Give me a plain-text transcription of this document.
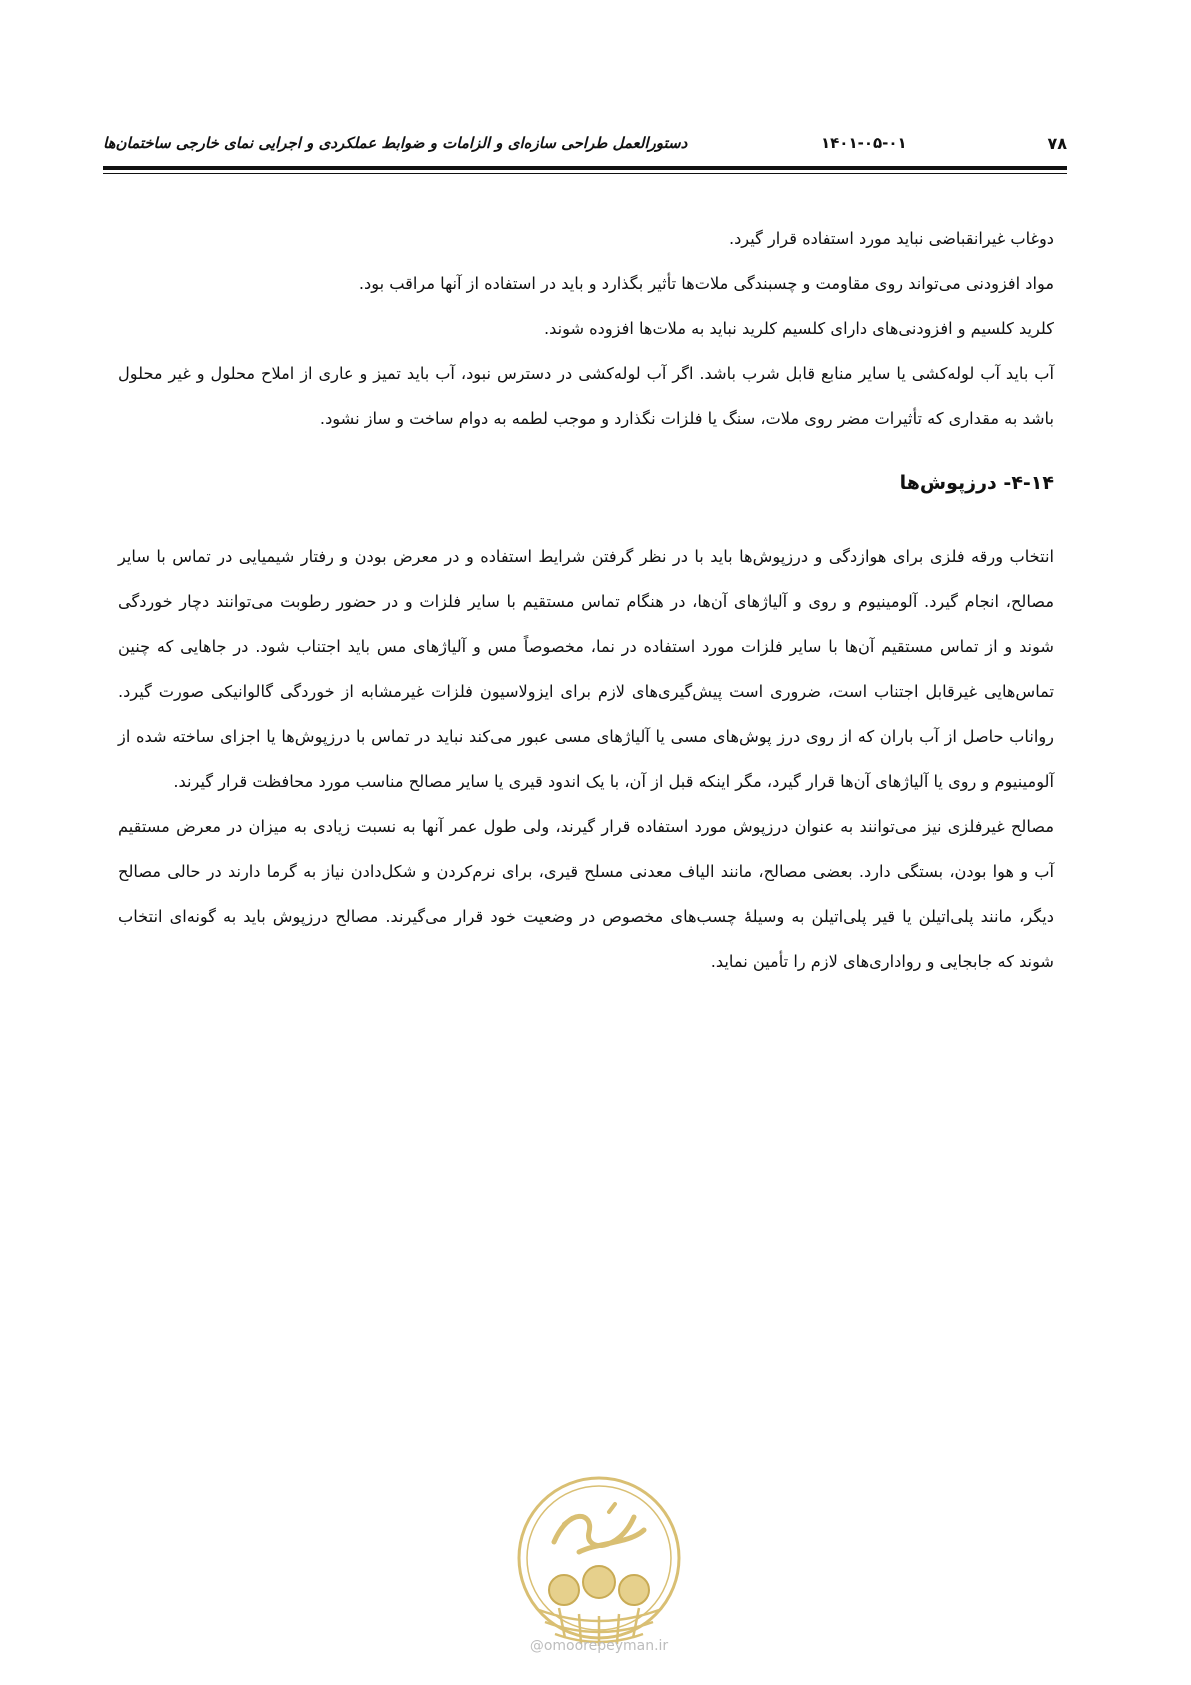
۷۸
۱۴۰۱-۰۵-۰۱
دستورالعمل طراحی سازه‌ای و الزامات و ضوابط عملکردی و اجرایی نمای خارجی ساختمان‌ها

دوغاب غیرانقباضی نباید مورد استفاده قرار گیرد.

مواد افزودنی می‌تواند روی مقاومت و چسبندگی ملات‌ها تأثیر بگذارد و باید در استفاده از آنها مراقب بود.

کلرید کلسیم و افزودنی‌های دارای کلسیم کلرید نباید به ملات‌ها افزوده شوند.

آب باید آب لوله‌کشی یا سایر منابع قابل شرب باشد. اگر آب لوله‌کشی در دسترس نبود، آب باید تمیز و عاری از املاح محلول و غیر محلول باشد به مقداری که تأثیرات مضر روی ملات، سنگ یا فلزات نگذارد و موجب لطمه به دوام ساخت و ساز نشود.

۴-۱۴- درزپوش‌ها

انتخاب ورقه فلزی برای هوازدگی و درزپوش‌ها باید با در نظر گرفتن شرایط استفاده و در معرض بودن و رفتار شیمیایی در تماس با سایر مصالح، انجام گیرد. آلومینیوم و روی و آلیاژهای آن‌ها، در هنگام تماس مستقیم با سایر فلزات و در حضور رطوبت می‌توانند دچار خوردگی شوند و از تماس مستقیم آن‌ها با سایر فلزات مورد استفاده در نما، مخصوصاً مس و آلیاژهای مس باید اجتناب شود. در جاهایی که چنین تماس‌هایی غیرقابل اجتناب است، ضروری است پیش‌گیری‌های لازم برای ایزولاسیون فلزات غیرمشابه از خوردگی گالوانیکی صورت گیرد. رواناب حاصل از آب باران که از روی درز پوش‌های مسی یا آلیاژهای مسی عبور می‌کند نباید در تماس با درزپوش‌ها یا اجزای ساخته شده از آلومینیوم و روی یا آلیاژهای آن‌ها قرار گیرد، مگر اینکه قبل از آن، با یک اندود قیری یا سایر مصالح مناسب مورد محافظت قرار گیرند.

مصالح غیرفلزی نیز می‌توانند به عنوان درزپوش مورد استفاده قرار گیرند، ولی طول عمر آنها به نسبت زیادی به میزان در معرض مستقیم آب و هوا بودن، بستگی دارد. بعضی مصالح، مانند الیاف معدنی مسلح قیری، برای نرم‌کردن و شکل‌دادن نیاز به گرما دارند در حالی مصالح دیگر، مانند پلی‌اتیلن یا قیر پلی‌اتیلن به وسیلهٔ چسب‌های مخصوص در وضعیت خود قرار می‌گیرند. مصالح درزپوش باید به گونه‌ای انتخاب شوند که جابجایی و رواداری‌های لازم را تأمین نماید.

@omoorepeyman.ir
